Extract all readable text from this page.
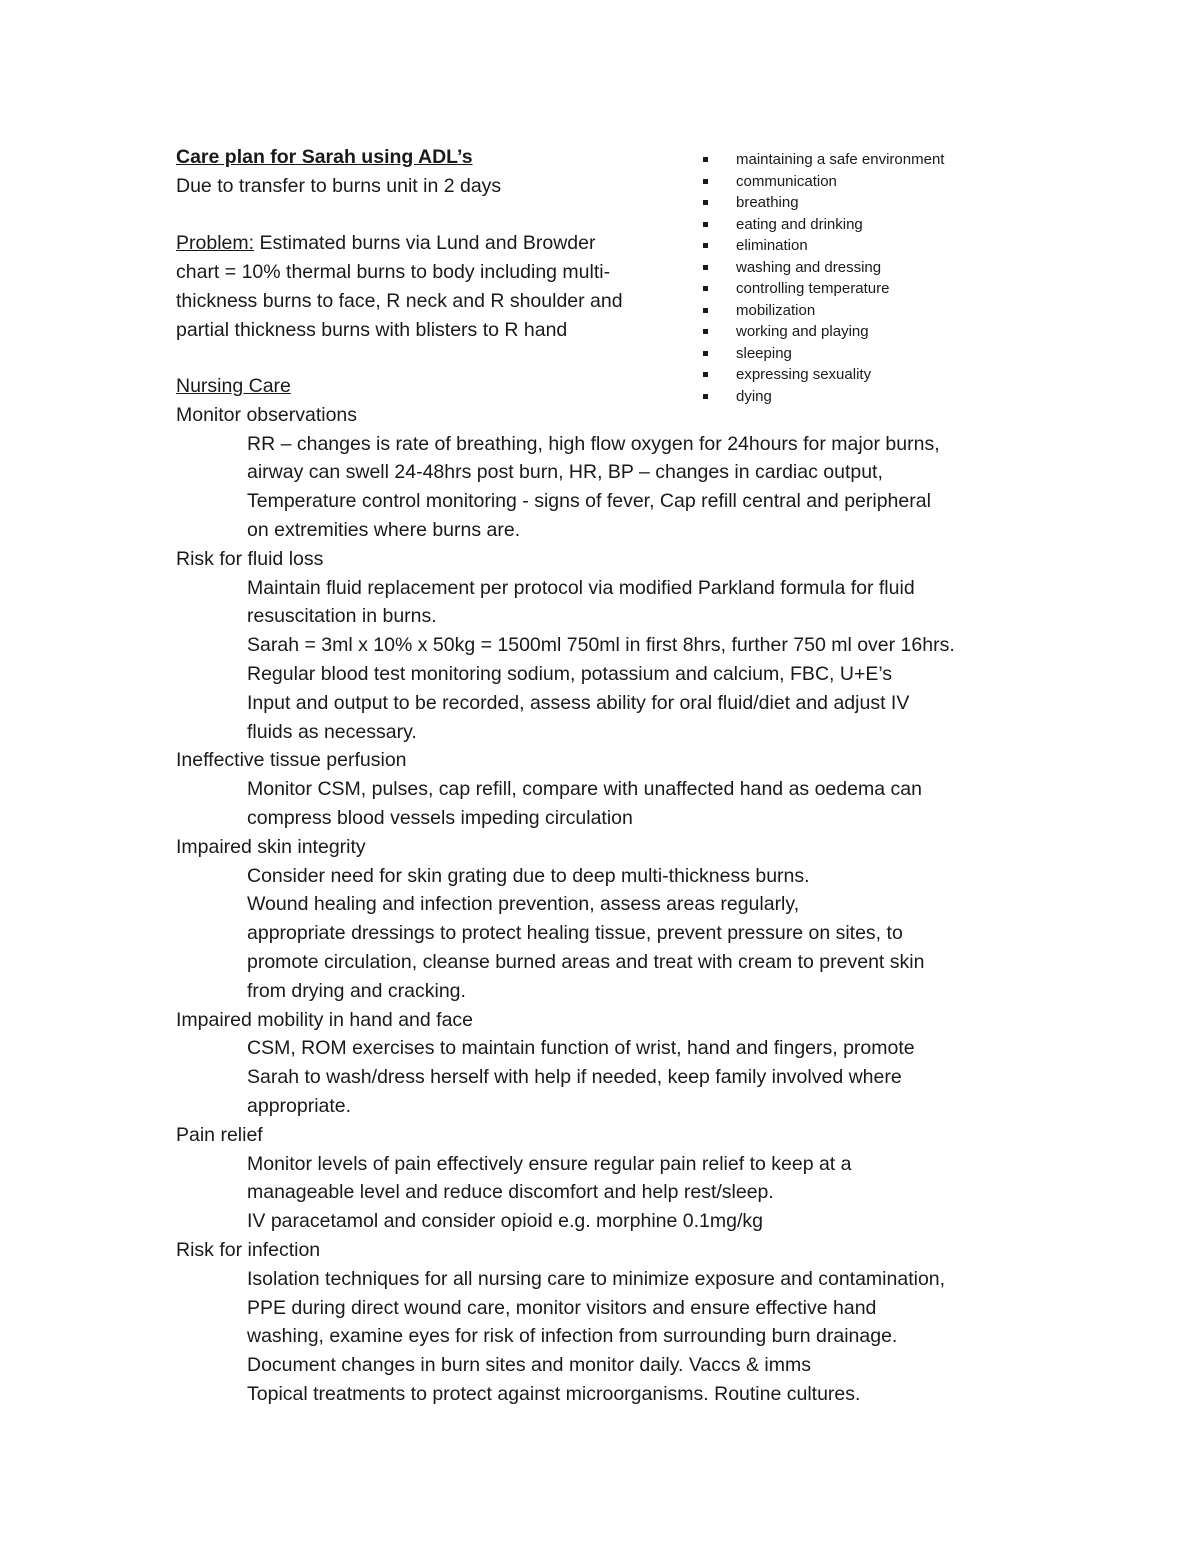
Care plan for Sarah using ADL’s

Due to transfer to burns unit in 2 days

Problem: Estimated burns via Lund and Browder

chart = 10% thermal burns to body including multi-

thickness burns to face, R neck and R shoulder and

partial thickness burns with blisters to R hand

maintaining a safe environment
communication
breathing
eating and drinking
elimination
washing and dressing
controlling temperature
mobilization
working and playing
sleeping
expressing sexuality
dying

Nursing Care

Monitor observations

RR – changes is rate of breathing, high flow oxygen for 24hours for major burns,

airway can swell 24-48hrs post burn, HR, BP – changes in cardiac output,

Temperature control monitoring - signs of fever, Cap refill central and peripheral

on extremities where burns are.

Risk for fluid loss

Maintain fluid replacement per protocol via modified Parkland formula for fluid

resuscitation in burns.

Sarah = 3ml x 10% x 50kg = 1500ml 750ml in first 8hrs, further 750 ml over 16hrs.

Regular blood test monitoring sodium, potassium and calcium, FBC, U+E’s

Input and output to be recorded, assess ability for oral fluid/diet and adjust IV

fluids as necessary.

Ineffective tissue perfusion

Monitor CSM, pulses, cap refill, compare with unaffected hand as oedema can

compress blood vessels impeding circulation

Impaired skin integrity

Consider need for skin grating due to deep multi-thickness burns.

Wound healing and infection prevention, assess areas regularly,

appropriate dressings to protect healing tissue, prevent pressure on sites, to

promote circulation, cleanse burned areas and treat with cream to prevent skin

from drying and cracking.

Impaired mobility in hand and face

CSM, ROM exercises to maintain function of wrist, hand and fingers, promote

Sarah to wash/dress herself with help if needed, keep family involved where

appropriate.

Pain relief

Monitor levels of pain effectively ensure regular pain relief to keep at a

manageable level and reduce discomfort and help rest/sleep.

IV paracetamol and consider opioid e.g. morphine 0.1mg/kg

Risk for infection

Isolation techniques for all nursing care to minimize exposure and contamination,

PPE during direct wound care, monitor visitors and ensure effective hand

washing, examine eyes for risk of infection from surrounding burn drainage.

Document changes in burn sites and monitor daily. Vaccs & imms

Topical treatments to protect against microorganisms. Routine cultures.
